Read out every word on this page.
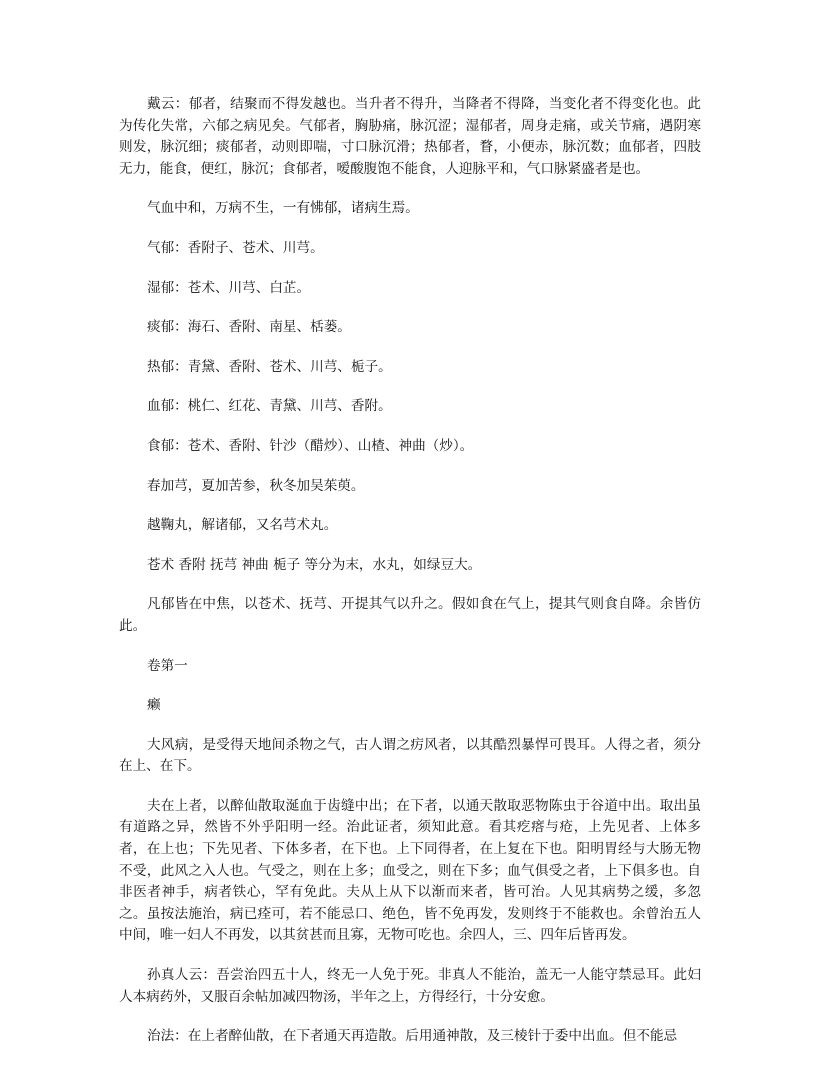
戴云：郁者，结聚而不得发越也。当升者不得升，当降者不得降，当变化者不得变化也。此为传化失常，六郁之病见矣。气郁者，胸胁痛，脉沉涩；湿郁者，周身走痛，或关节痛，遇阴寒则发，脉沉细；痰郁者，动则即喘，寸口脉沉滑；热郁者，瞀，小便赤，脉沉数；血郁者，四肢无力，能食，便红，脉沉；食郁者，嗳酸腹饱不能食，人迎脉平和，气口脉紧盛者是也。

气血中和，万病不生，一有怫郁，诸病生焉。

气郁：香附子、苍术、川芎。

湿郁：苍术、川芎、白芷。

痰郁：海石、香附、南星、栝蒌。

热郁：青黛、香附、苍术、川芎、栀子。

血郁：桃仁、红花、青黛、川芎、香附。

食郁：苍术、香附、针沙（醋炒）、山楂、神曲（炒）。

春加芎，夏加苦参，秋冬加吴茱萸。

越鞠丸，解诸郁，又名芎术丸。

苍术 香附 抚芎 神曲 栀子 等分为末，水丸，如绿豆大。

凡郁皆在中焦，以苍术、抚芎、开提其气以升之。假如食在气上，提其气则食自降。余皆仿此。

卷第一

癞

大风病，是受得天地间杀物之气，古人谓之疠风者，以其酷烈暴悍可畏耳。人得之者，须分在上、在下。

夫在上者，以醉仙散取涎血于齿缝中出；在下者，以通天散取恶物陈虫于谷道中出。取出虽有道路之异，然皆不外乎阳明一经。治此证者，须知此意。看其疙瘩与疮，上先见者、上体多者，在上也；下先见者、下体多者，在下也。上下同得者，在上复在下也。阳明胃经与大肠无物不受，此风之入人也。气受之，则在上多；血受之，则在下多；血气俱受之者，上下俱多也。自非医者神手，病者铁心，罕有免此。夫从上从下以渐而来者，皆可治。人见其病势之缓，多忽之。虽按法施治，病已痊可，若不能忌口、绝色，皆不免再发，发则终于不能救也。余曾治五人中间，唯一妇人不再发，以其贫甚而且寡，无物可吃也。余四人，三、四年后皆再发。

孙真人云：吾尝治四五十人，终无一人免于死。非真人不能治，盖无一人能守禁忌耳。此妇人本病药外，又服百余帖加减四物汤，半年之上，方得经行，十分安愈。

治法：在上者醉仙散，在下者通天再造散。后用通神散，及三棱针于委中出血。但不能忌
